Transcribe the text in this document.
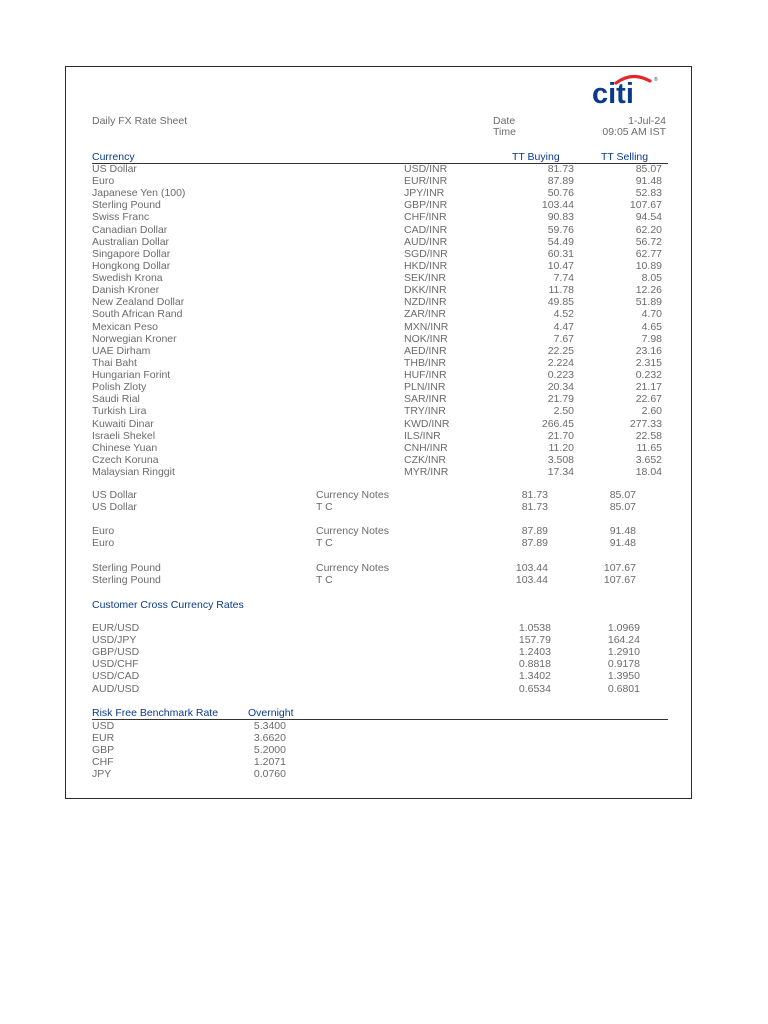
citi	®
Daily FX Rate Sheet	Date	1-Jul-24
Time	09:05 AM IST
Currency	TT Buying	TT Selling
US Dollar	USD/INR	81.73	85.07
Euro	EUR/INR	87.89	91.48
Japanese Yen (100)	JPY/INR	50.76	52.83
Sterling Pound	GBP/INR	103.44	107.67
Swiss Franc	CHF/INR	90.83	94.54
Canadian Dollar	CAD/INR	59.76	62.20
Australian Dollar	AUD/INR	54.49	56.72
Singapore Dollar	SGD/INR	60.31	62.77
Hongkong Dollar	HKD/INR	10.47	10.89
Swedish Krona	SEK/INR	7.74	8.05
Danish Kroner	DKK/INR	11.78	12.26
New Zealand Dollar	NZD/INR	49.85	51.89
South African Rand	ZAR/INR	4.52	4.70
Mexican Peso	MXN/INR	4.47	4.65
Norwegian Kroner	NOK/INR	7.67	7.98
UAE Dirham	AED/INR	22.25	23.16
Thai Baht	THB/INR	2.224	2.315
Hungarian Forint	HUF/INR	0.223	0.232
Polish Zloty	PLN/INR	20.34	21.17
Saudi Rial	SAR/INR	21.79	22.67
Turkish Lira	TRY/INR	2.50	2.60
Kuwaiti Dinar	KWD/INR	266.45	277.33
Israeli Shekel	ILS/INR	21.70	22.58
Chinese Yuan	CNH/INR	11.20	11.65
Czech Koruna	CZK/INR	3.508	3.652
Malaysian Ringgit	MYR/INR	17.34	18.04
US Dollar	Currency Notes	81.73	85.07
US Dollar	T C	81.73	85.07
Euro	Currency Notes	87.89	91.48
Euro	T C	87.89	91.48
Sterling Pound	Currency Notes	103.44	107.67
Sterling Pound	T C	103.44	107.67
Customer Cross Currency Rates
EUR/USD	1.0538	1.0969
USD/JPY	157.79	164.24
GBP/USD	1.2403	1.2910
USD/CHF	0.8818	0.9178
USD/CAD	1.3402	1.3950
AUD/USD	0.6534	0.6801
Risk Free Benchmark Rate	Overnight
USD	5.3400
EUR	3.6620
GBP	5.2000
CHF	1.2071
JPY	0.0760
